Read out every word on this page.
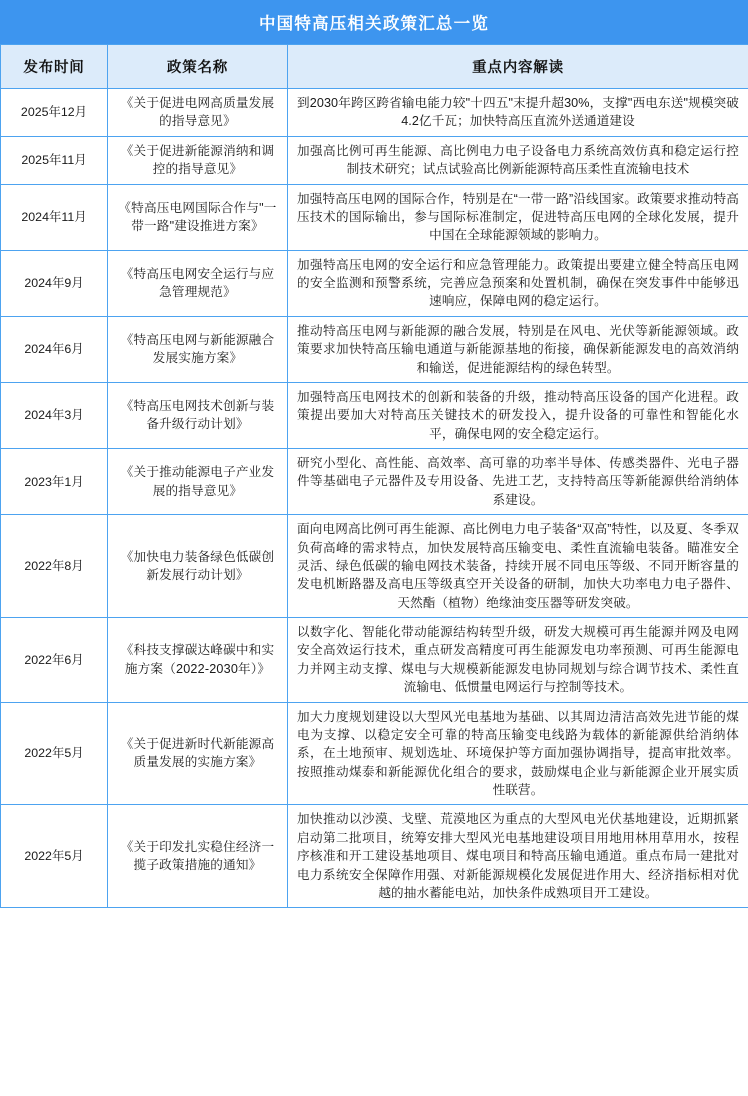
中国特高压相关政策汇总一览
发布时间	政策名称	重点内容解读
2025年12月	《关于促进电网高质量发展的指导意见》	到2030年跨区跨省输电能力较"十四五"末提升超30%，支撑"西电东送"规模突破4.2亿千瓦；加快特高压直流外送通道建设
2025年11月	《关于促进新能源消纳和调控的指导意见》	加强高比例可再生能源、高比例电力电子设备电力系统高效仿真和稳定运行控制技术研究；试点试验高比例新能源特高压柔性直流输电技术
2024年11月	《特高压电网国际合作与"一带一路"建设推进方案》	加强特高压电网的国际合作，特别是在“一带一路”沿线国家。政策要求推动特高压技术的国际输出，参与国际标准制定，促进特高压电网的全球化发展，提升中国在全球能源领域的影响力。
2024年9月	《特高压电网安全运行与应急管理规范》	加强特高压电网的安全运行和应急管理能力。政策提出要建立健全特高压电网的安全监测和预警系统，完善应急预案和处置机制，确保在突发事件中能够迅速响应，保障电网的稳定运行。
2024年6月	《特高压电网与新能源融合发展实施方案》	推动特高压电网与新能源的融合发展，特别是在风电、光伏等新能源领域。政策要求加快特高压输电通道与新能源基地的衔接，确保新能源发电的高效消纳和输送，促进能源结构的绿色转型。
2024年3月	《特高压电网技术创新与装备升级行动计划》	加强特高压电网技术的创新和装备的升级，推动特高压设备的国产化进程。政策提出要加大对特高压关键技术的研发投入，提升设备的可靠性和智能化水平，确保电网的安全稳定运行。
2023年1月	《关于推动能源电子产业发展的指导意见》	研究小型化、高性能、高效率、高可靠的功率半导体、传感类器件、光电子器件等基础电子元器件及专用设备、先进工艺，支持特高压等新能源供给消纳体系建设。
2022年8月	《加快电力装备绿色低碳创新发展行动计划》	面向电网高比例可再生能源、高比例电力电子装备“双高”特性，以及夏、冬季双负荷高峰的需求特点，加快发展特高压输变电、柔性直流输电装备。瞄准安全灵活、绿色低碳的输电网技术装备，持续开展不同电压等级、不同开断容量的发电机断路器及高电压等级真空开关设备的研制，加快大功率电力电子器件、天然酯（植物）绝缘油变压器等研发突破。
2022年6月	《科技支撑碳达峰碳中和实施方案（2022-2030年）》	以数字化、智能化带动能源结构转型升级，研发大规模可再生能源并网及电网安全高效运行技术，重点研发高精度可再生能源发电功率预测、可再生能源电力并网主动支撑、煤电与大规模新能源发电协同规划与综合调节技术、柔性直流输电、低惯量电网运行与控制等技术。
2022年5月	《关于促进新时代新能源高质量发展的实施方案》	加大力度规划建设以大型风光电基地为基础、以其周边清洁高效先进节能的煤电为支撑、以稳定安全可靠的特高压输变电线路为载体的新能源供给消纳体系，在土地预审、规划选址、环境保护等方面加强协调指导，提高审批效率。按照推动煤泰和新能源优化组合的要求，鼓励煤电企业与新能源企业开展实质性联营。
2022年5月	《关于印发扎实稳住经济一揽子政策措施的通知》	加快推动以沙漠、戈壁、荒漠地区为重点的大型风电光伏基地建设，近期抓紧启动第二批项目，统筹安排大型风光电基地建设项目用地用林用草用水，按程序核准和开工建设基地项目、煤电项目和特高压输电通道。重点布局一建批对电力系统安全保障作用强、对新能源规模化发展促进作用大、经济指标相对优越的抽水蓄能电站，加快条件成熟项目开工建设。
